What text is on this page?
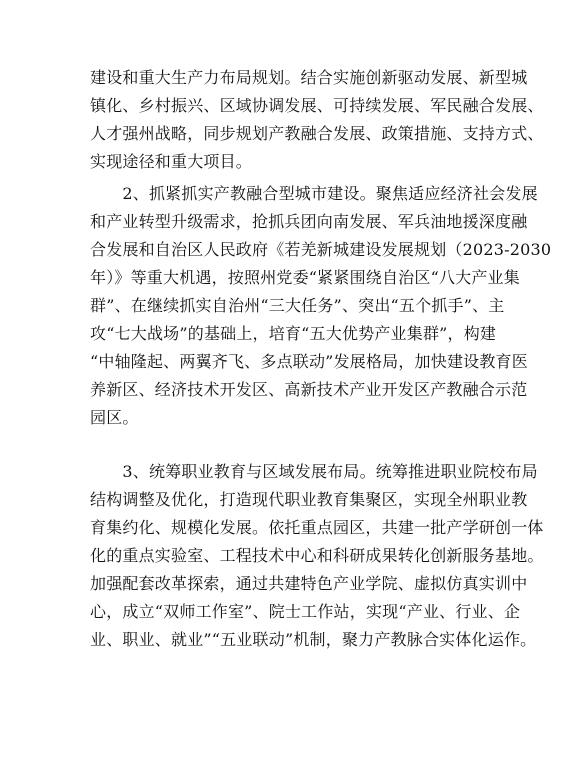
建设和重大生产力布局规划。结合实施创新驱动发展、新型城
镇化、乡村振兴、区域协调发展、可持续发展、军民融合发展、
人才强州战略，同步规划产教融合发展、政策措施、支持方式、
实现途径和重大项目。
　　2、抓紧抓实产教融合型城市建设。聚焦适应经济社会发展
和产业转型升级需求，抢抓兵团向南发展、军兵油地援深度融
合发展和自治区人民政府《若羌新城建设发展规划（2023-2030
年）》等重大机遇，按照州党委“紧紧围绕自治区“八大产业集
群”、在继续抓实自治州“三大任务”、突出“五个抓手”、主
攻“七大战场”的基础上，培育“五大优势产业集群”，构建
“中轴隆起、两翼齐飞、多点联动”发展格局，加快建设教育医
养新区、经济技术开发区、高新技术产业开发区产教融合示范
园区。
　　3、统筹职业教育与区域发展布局。统筹推进职业院校布局
结构调整及优化，打造现代职业教育集聚区，实现全州职业教
育集约化、规模化发展。依托重点园区，共建一批产学研创一体
化的重点实验室、工程技术中心和科研成果转化创新服务基地。
加强配套改革探索，通过共建特色产业学院、虚拟仿真实训中
心，成立“双师工作室”、院士工作站，实现“产业、行业、企
业、职业、就业”“五业联动”机制，聚力产教脉合实体化运作。
